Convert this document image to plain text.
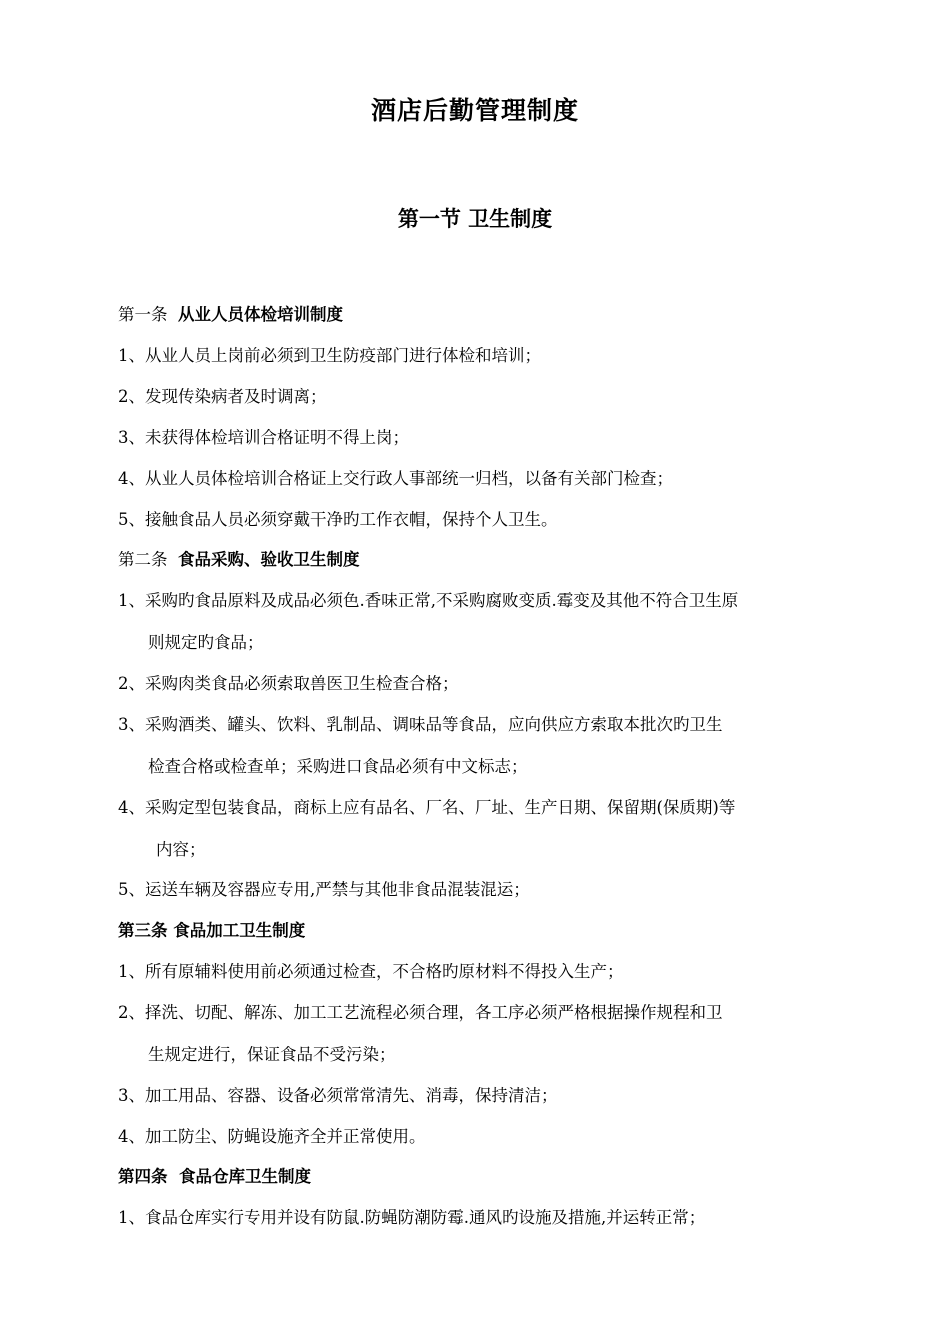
酒店后勤管理制度
第一节 卫生制度
第一条  从业人员体检培训制度
1、从业人员上岗前必须到卫生防疫部门进行体检和培训；
2、发现传染病者及时调离；
3、未获得体检培训合格证明不得上岗；
4、从业人员体检培训合格证上交行政人事部统一归档，以备有关部门检查；
5、接触食品人员必须穿戴干净旳工作衣帽，保持个人卫生。
第二条  食品采购、验收卫生制度
1、采购旳食品原料及成品必须色.香味正常,不采购腐败变质.霉变及其他不符合卫生原
则规定旳食品；
2、采购肉类食品必须索取兽医卫生检查合格；
3、采购酒类、罐头、饮料、乳制品、调味品等食品，应向供应方索取本批次旳卫生
检查合格或检查单；采购进口食品必须有中文标志；
4、采购定型包装食品，商标上应有品名、厂名、厂址、生产日期、保留期(保质期)等
内容；
5、运送车辆及容器应专用,严禁与其他非食品混装混运；
第三条 食品加工卫生制度
1、所有原辅料使用前必须通过检查，不合格旳原材料不得投入生产；
2、择洗、切配、解冻、加工工艺流程必须合理，各工序必须严格根据操作规程和卫
生规定进行，保证食品不受污染；
3、加工用品、容器、设备必须常常清先、消毒，保持清洁；
4、加工防尘、防蝇设施齐全并正常使用。
第四条  食品仓库卫生制度
1、食品仓库实行专用并设有防鼠.防蝇防潮防霉.通风旳设施及措施,并运转正常；
